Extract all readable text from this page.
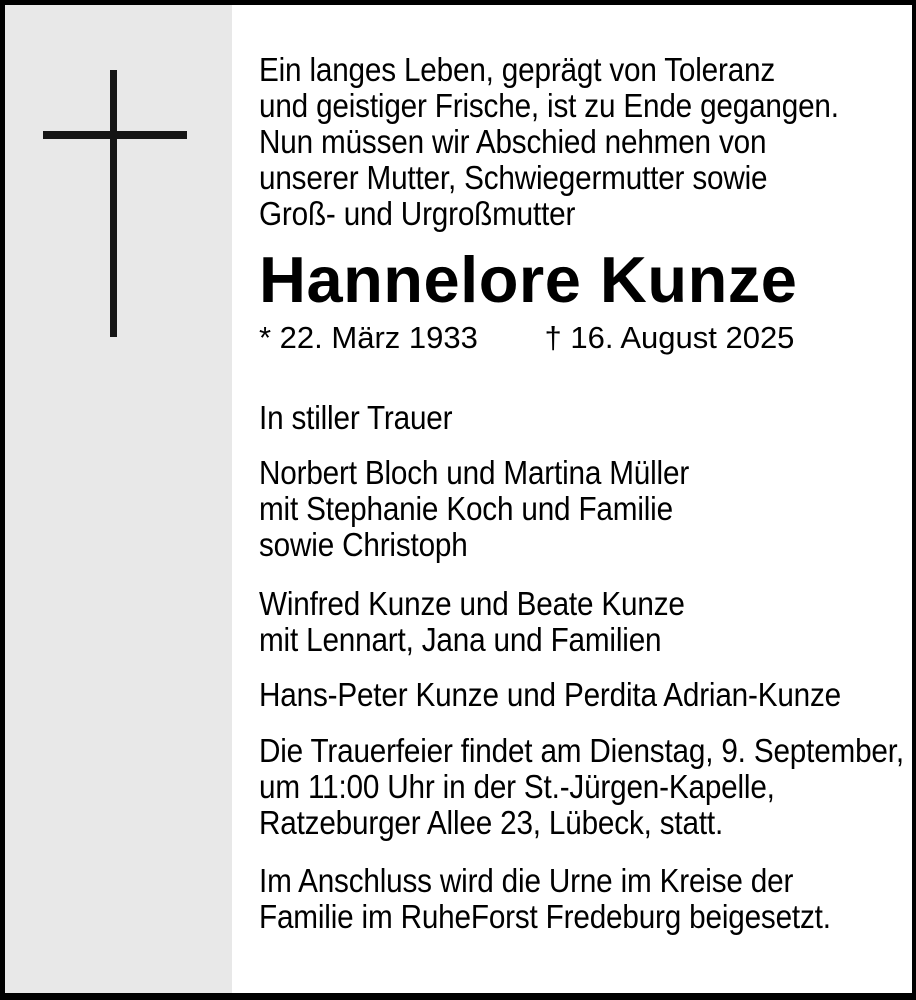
Ein langes Leben, geprägt von Toleranz
und geistiger Frische, ist zu Ende gegangen.
Nun müssen wir Abschied nehmen von
unserer Mutter, Schwiegermutter sowie
Groß- und Urgroßmutter
Hannelore Kunze
* 22. März 1933 † 16. August 2025
In stiller Trauer
Norbert Bloch und Martina Müller
mit Stephanie Koch und Familie
sowie Christoph
Winfred Kunze und Beate Kunze
mit Lennart, Jana und Familien
Hans-Peter Kunze und Perdita Adrian-Kunze
Die Trauerfeier findet am Dienstag, 9. September,
um 11:00 Uhr in der St.-Jürgen-Kapelle,
Ratzeburger Allee 23, Lübeck, statt.
Im Anschluss wird die Urne im Kreise der
Familie im RuheForst Fredeburg beigesetzt.
